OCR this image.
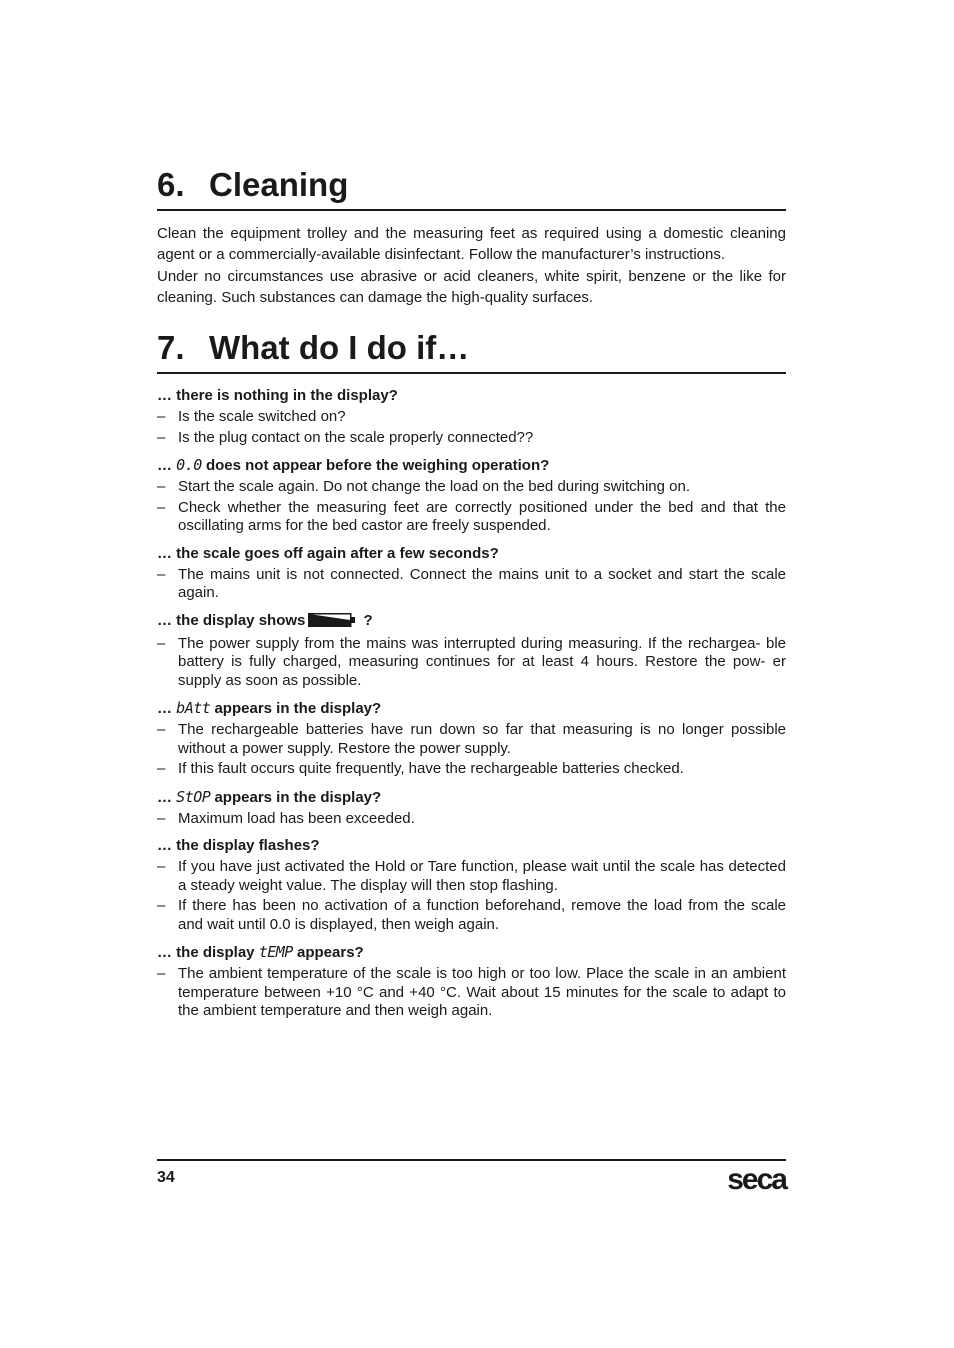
6. Cleaning

Clean the equipment trolley and the measuring feet as required using a domestic cleaning agent or a commercially-available disinfectant. Follow the manufacturer’s instructions.

Under no circumstances use abrasive or acid cleaners, white spirit, benzene or the like for cleaning. Such substances can damage the high-quality surfaces.

7. What do I do if…

… there is nothing in the display?

– Is the scale switched on?
– Is the plug contact on the scale properly connected??

… 0.0 does not appear before the weighing operation?

– Start the scale again. Do not change the load on the bed during switching on.
– Check whether the measuring feet are correctly positioned under the bed and that the oscillating arms for the bed castor are freely suspended.

… the scale goes off again after a few seconds?

– The mains unit is not connected. Connect the mains unit to a socket and start the scale again.

… the display shows	?

– The power supply from the mains was interrupted during measuring. If the rechargea- ble battery is fully charged, measuring continues for at least 4 hours. Restore the pow- er supply as soon as possible.

… bAtt appears in the display?

– The rechargeable batteries have run down so far that measuring is no longer possible without a power supply. Restore the power supply.
– If this fault occurs quite frequently, have the rechargeable batteries checked.

… StOP appears in the display?

– Maximum load has been exceeded.

… the display flashes?

– If you have just activated the Hold or Tare function, please wait until the scale has detected a steady weight value. The display will then stop flashing.
– If there has been no activation of a function beforehand, remove the load from the scale and wait until 0.0 is displayed, then weigh again.

… the display tEMP appears?

– The ambient temperature of the scale is too high or too low. Place the scale in an ambient temperature between +10 °C and +40 °C. Wait about 15 minutes for the scale to adapt to the ambient temperature and then weigh again.
34	seca
